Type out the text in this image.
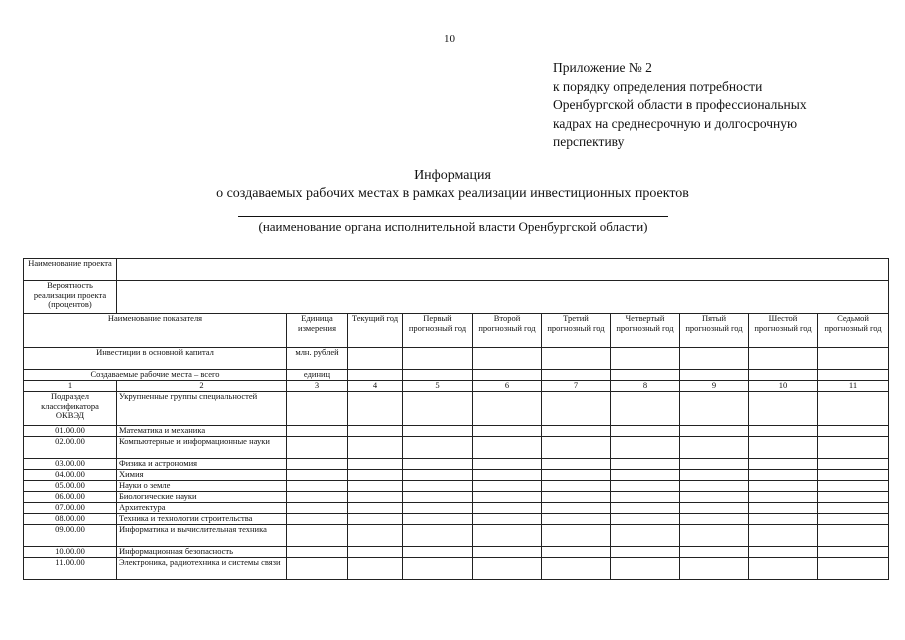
10
Приложение № 2
к порядку определения потребности
Оренбургской области в профессиональных
кадрах на среднесрочную и долгосрочную
перспективу
Информация
о создаваемых рабочих местах в рамках реализации инвестиционных проектов
(наименование органа исполнительной власти Оренбургской области)
Наименование проекта										
Вероятность реализации проекта (процентов)										
Наименование показателя		Единица измерения	Текущий год	Первый прогнозный год	Второй прогнозный год	Третий прогнозный год	Четвертый прогнозный год	Пятый прогнозный год	Шестой прогнозный год	Седьмой прогнозный год
Инвестиции в основной капитал		млн. рублей								
Создаваемые рабочие места – всего		единиц								
1	2	3	4	5	6	7	8	9	10	11
Подраздел классификатора ОКВЭД	Укрупненные группы специальностей									
01.00.00	Математика и механика									
02.00.00	Компьютерные и информационные науки									
03.00.00	Физика и астрономия									
04.00.00	Химия									
05.00.00	Науки о земле									
06.00.00	Биологические науки									
07.00.00	Архитектура									
08.00.00	Техника и технологии строительства									
09.00.00	Информатика и вычислительная техника									
10.00.00	Информационная безопасность									
11.00.00	Электроника, радиотехника и системы связи									
